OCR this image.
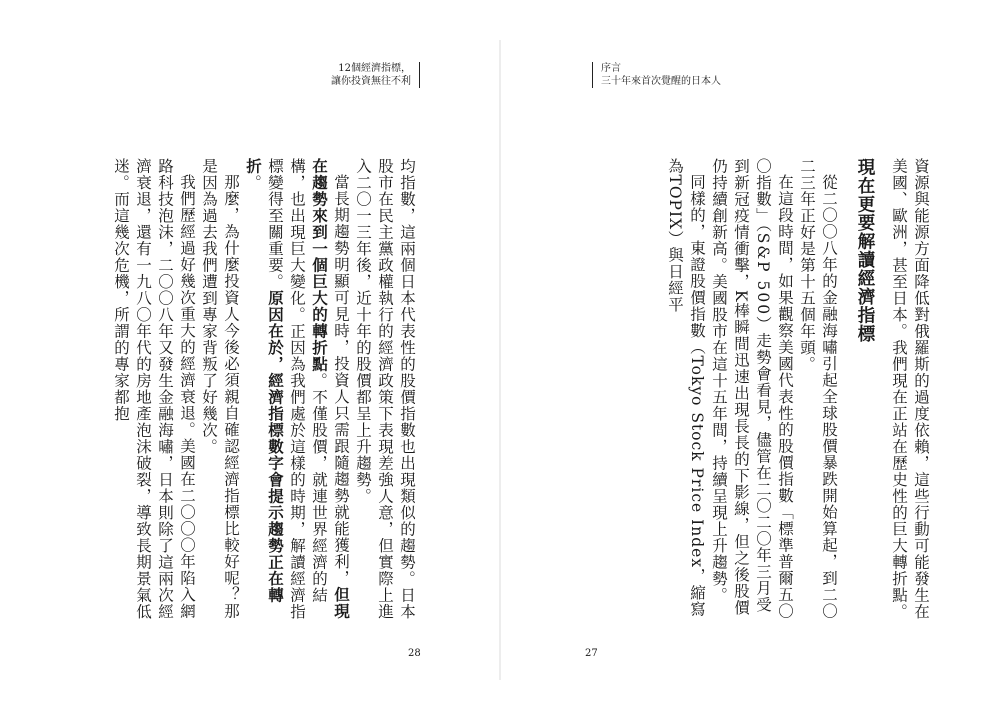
12個經濟指標，
讓你投資無往不利

均指數，這兩個日本代表性的股價指數也出現類似的趨勢。日本股市在民主黨政權執行的經濟政策下表現差強人意，但實際上進入二〇一三年後，近十年的股價都呈上升趨勢。

當長期趨勢明顯可見時，投資人只需跟隨趨勢就能獲利，但現在趨勢來到一個巨大的轉折點。不僅股價，就連世界經濟的結構，也出現巨大變化。正因為我們處於這樣的時期，解讀經濟指標變得至關重要。原因在於，經濟指標數字會提示趨勢正在轉折。

那麼，為什麼投資人今後必須親自確認經濟指標比較好呢？那是因為過去我們遭到專家背叛了好幾次。

我們歷經過好幾次重大的經濟衰退。美國在二〇〇〇年陷入網路科技泡沫，二〇〇八年又發生金融海嘯，日本則除了這兩次經濟衰退，還有一九八〇年代的房地產泡沫破裂，導致長期景氣低迷。而這幾次危機，所謂的專家都抱

28
序言
三十年來首次覺醒的日本人

資源與能源方面降低對俄羅斯的過度依賴，這些行動可能發生在美國、歐洲，甚至日本。我們現在正站在歷史性的巨大轉折點。

現在更要解讀經濟指標

從二〇〇八年的金融海嘯引起全球股價暴跌開始算起，到二〇二三年正好是第十五個年頭。

在這段時間，如果觀察美國代表性的股價指數「標準普爾五〇〇指數」（S&P 500）走勢會看見，儘管在二〇二〇年三月受到新冠疫情衝擊，K棒瞬間迅速出現長長的下影線，但之後股價仍持續創新高。美國股市在這十五年間，持續呈現上升趨勢。

同樣的，東證股價指數（Tokyo Stock Price Index，縮寫為TOPIX）與日經平

27
